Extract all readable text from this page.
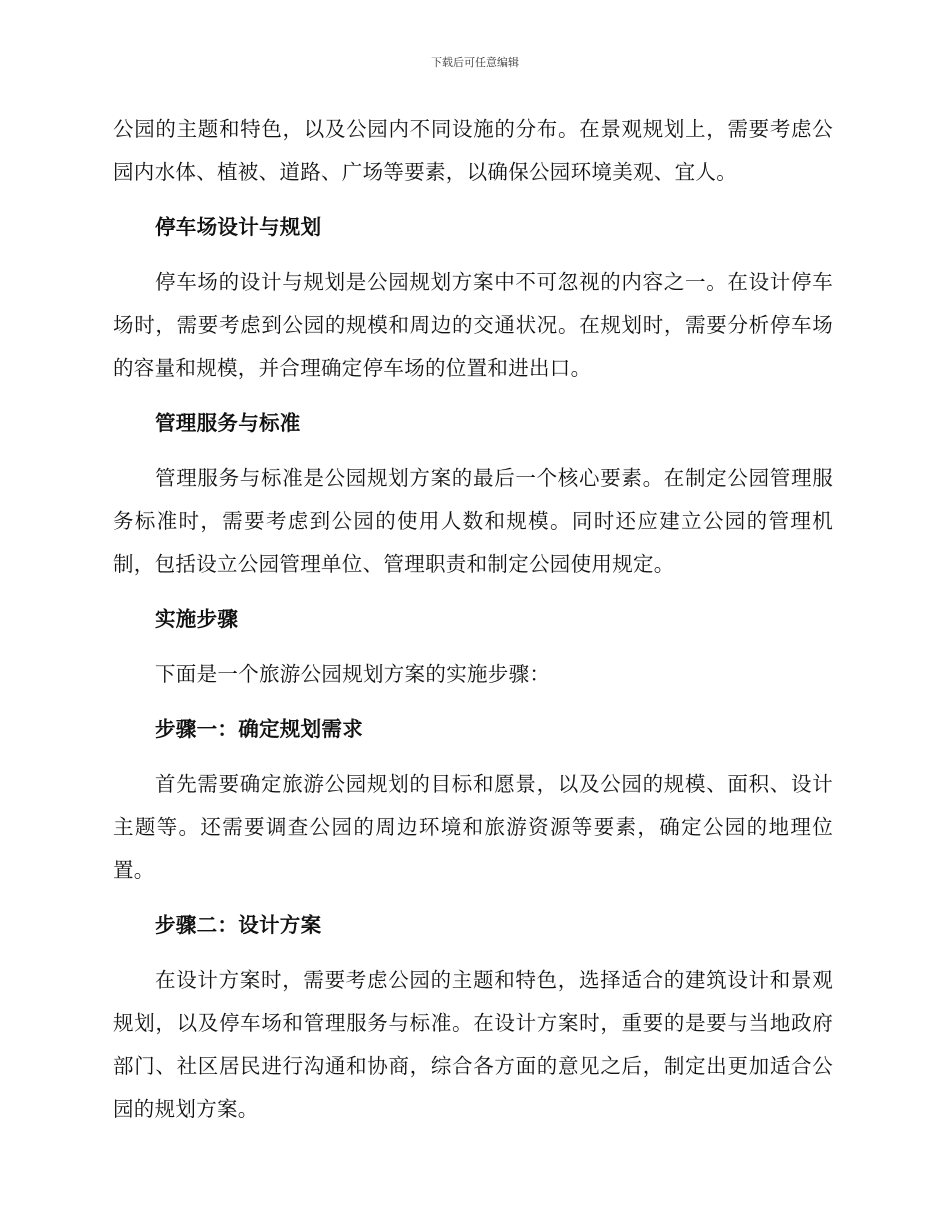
下载后可任意编辑

公园的主题和特色，以及公园内不同设施的分布。在景观规划上，需要考虑公园内水体、植被、道路、广场等要素，以确保公园环境美观、宜人。

停车场设计与规划

停车场的设计与规划是公园规划方案中不可忽视的内容之一。在设计停车场时，需要考虑到公园的规模和周边的交通状况。在规划时，需要分析停车场的容量和规模，并合理确定停车场的位置和进出口。

管理服务与标准

管理服务与标准是公园规划方案的最后一个核心要素。在制定公园管理服务标准时，需要考虑到公园的使用人数和规模。同时还应建立公园的管理机制，包括设立公园管理单位、管理职责和制定公园使用规定。

实施步骤

下面是一个旅游公园规划方案的实施步骤：

步骤一：确定规划需求

首先需要确定旅游公园规划的目标和愿景，以及公园的规模、面积、设计主题等。还需要调查公园的周边环境和旅游资源等要素，确定公园的地理位置。

步骤二：设计方案

在设计方案时，需要考虑公园的主题和特色，选择适合的建筑设计和景观规划，以及停车场和管理服务与标准。在设计方案时，重要的是要与当地政府部门、社区居民进行沟通和协商，综合各方面的意见之后，制定出更加适合公园的规划方案。
